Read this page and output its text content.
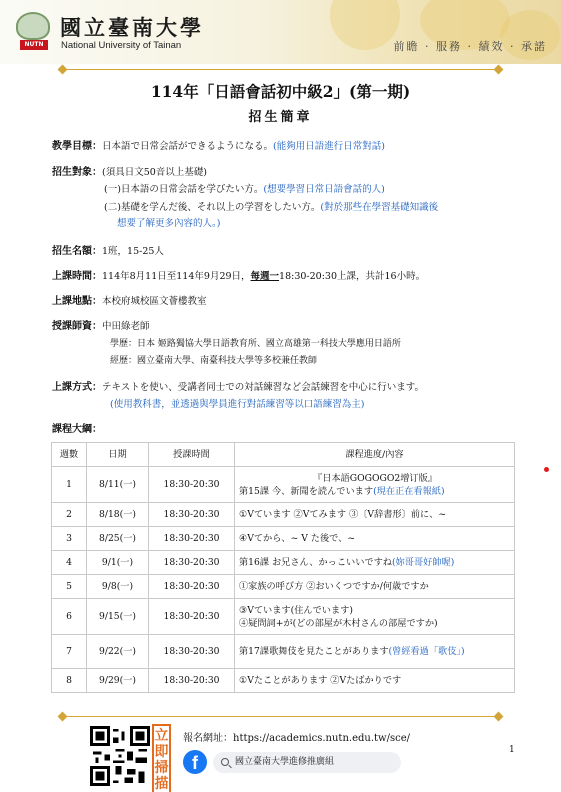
NUTN
國立臺南大學
National University of Tainan	前瞻 · 服務 · 績效 · 承諾
114年「日語會話初中級2」(第一期)
招生簡章
教學目標：日本語で日常会話ができるようになる。(能夠用日語進行日常對話)
招生對象：(須具日文50音以上基礎)
(一)日本語の日常会話を学びたい方。(想要學習日常日語會話的人)
(二)基礎を学んだ後、それ以上の学習をしたい方。(對於那些在學習基礎知識後
想要了解更多內容的人。)
招生名額：1班，15-25人
上課時間：114年8月11日至114年9月29日，每週一18:30-20:30上課，共計16小時。
上課地點：本校府城校區文薈樓教室
授課師資：中田綠老師
學歷：日本 姬路獨協大學日語教育所、國立高雄第一科技大學應用日語所
經歷：國立臺南大學、南臺科技大學等多校兼任教師
上課方式：テキストを使い、受講者同士での対話練習など会話練習を中心に行います。
(使用教科書，並透過與學員進行對話練習等以口語練習為主)
課程大綱：
週數	日期	授課時間	課程進度/內容
1	8/11(一)	18:30-20:30	『日本語GOGOGO2增订版』
第15課 今、新聞を読んでいます(現在正在看報紙)

2	8/18(一)	18:30-20:30	①Vています ②Vてみます ③〔V辞書形〕前に、~

3	8/25(一)	18:30-20:30	④Vてから、~ V た後で、~

4	9/1(一)	18:30-20:30	第16課 お兄さん、かっこいいですね(妳哥哥好帥喔)

5	9/8(一)	18:30-20:30	①家族の呼び方 ②おいくつですか/何歳ですか

6	9/15(一)	18:30-20:30	③Vています(住んでいます)
④疑問詞+が(どの部屋が木村さんの部屋ですか)

7	9/22(一)	18:30-20:30	第17課歌舞伎を見たことがあります(曾經看過「歌伎」)

8	9/29(一)	18:30-20:30	①Vたことがあります ②Vたばかりです
立即掃描
報名網址：https://academics.nutn.edu.tw/sce/
f	國立臺南大學進修推廣組
1
